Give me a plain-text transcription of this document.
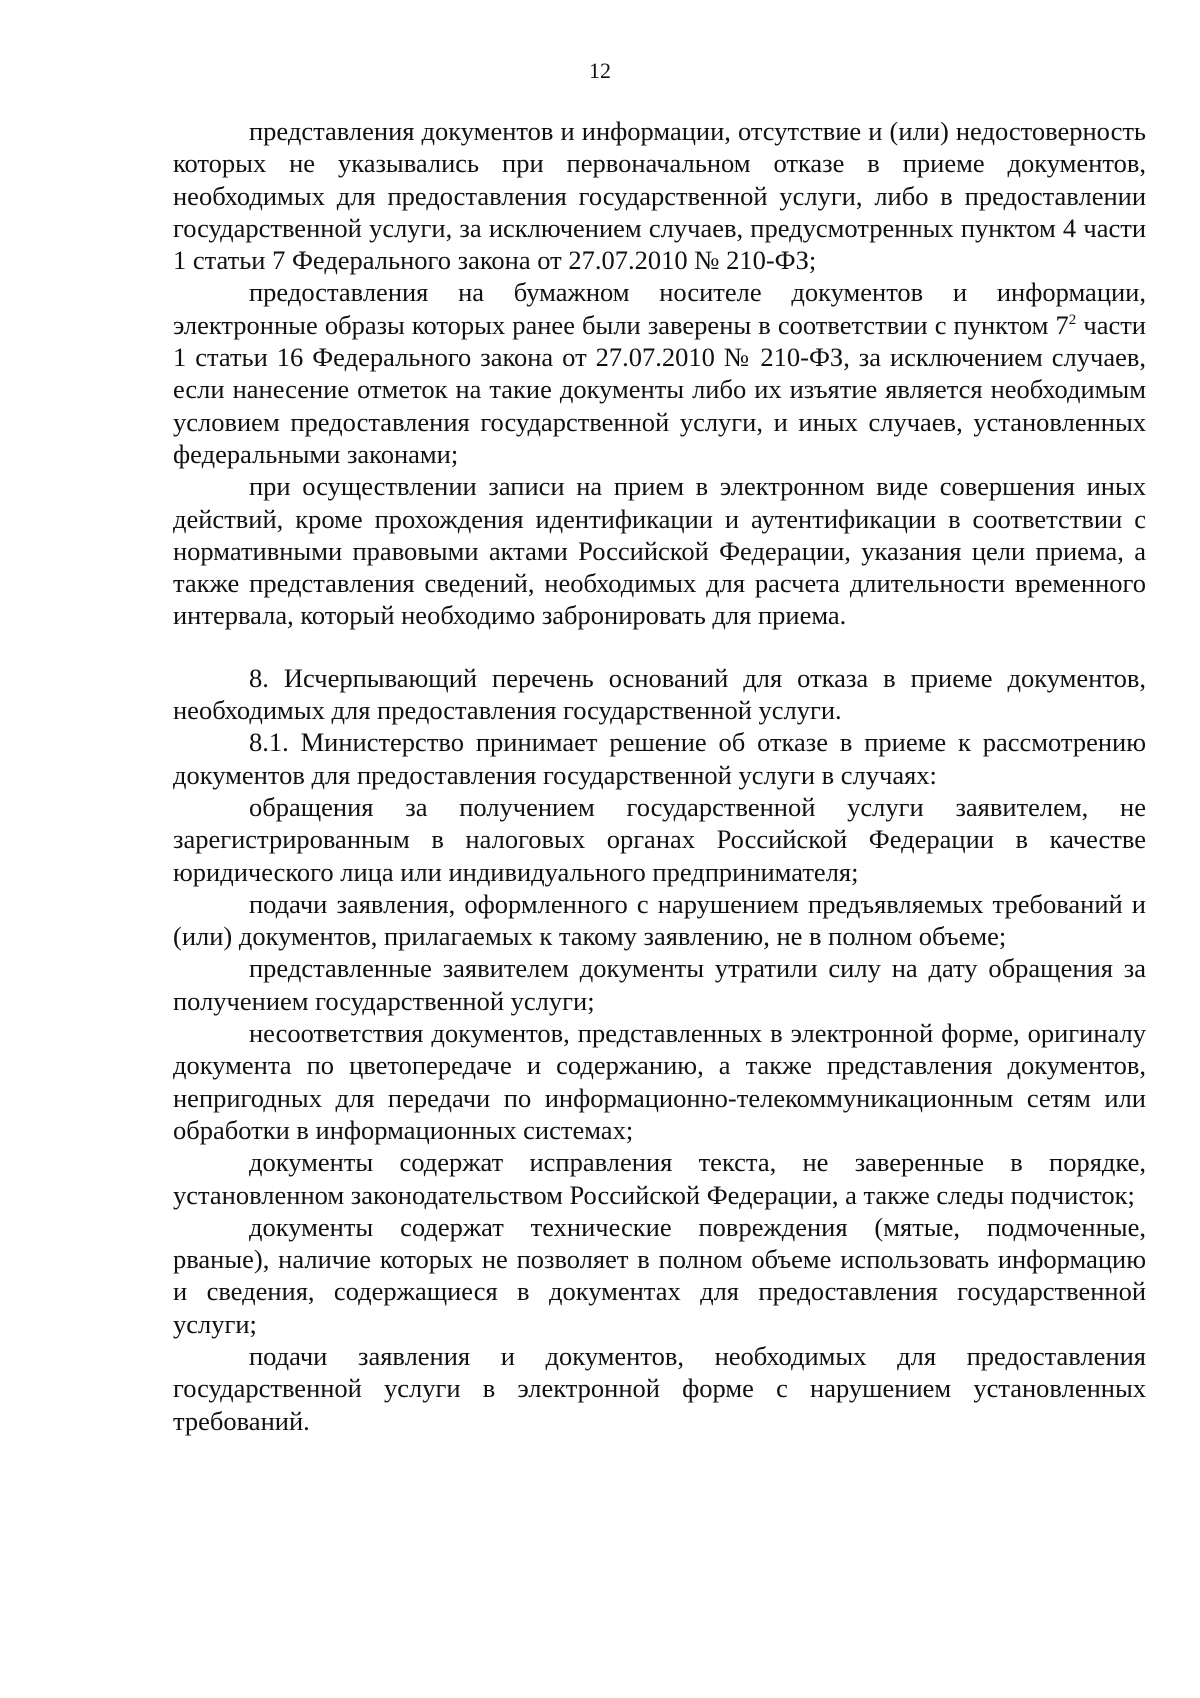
12

представления документов и информации, отсутствие и (или) недостоверность которых не указывались при первоначальном отказе в приеме документов, необходимых для предоставления государственной услуги, либо в предоставлении государственной услуги, за исключением случаев, предусмотренных пунктом 4 части 1 статьи 7 Федерального закона от 27.07.2010 № 210-ФЗ;

предоставления на бумажном носителе документов и информации, электронные образы которых ранее были заверены в соответствии с пунктом $7^2$ части 1 статьи 16 Федерального закона от 27.07.2010 № 210-ФЗ, за исключением случаев, если нанесение отметок на такие документы либо их изъятие является необходимым условием предоставления государственной услуги, и иных случаев, установленных федеральными законами;

при осуществлении записи на прием в электронном виде совершения иных действий, кроме прохождения идентификации и аутентификации в соответствии с нормативными правовыми актами Российской Федерации, указания цели приема, а также представления сведений, необходимых для расчета длительности временного интервала, который необходимо забронировать для приема.

8. Исчерпывающий перечень оснований для отказа в приеме документов, необходимых для предоставления государственной услуги.

8.1. Министерство принимает решение об отказе в приеме к рассмотрению документов для предоставления государственной услуги в случаях:

обращения за получением государственной услуги заявителем, не зарегистрированным в налоговых органах Российской Федерации в качестве юридического лица или индивидуального предпринимателя;

подачи заявления, оформленного с нарушением предъявляемых требований и (или) документов, прилагаемых к такому заявлению, не в полном объеме;

представленные заявителем документы утратили силу на дату обращения за получением государственной услуги;

несоответствия документов, представленных в электронной форме, оригиналу документа по цветопередаче и содержанию, а также представления документов, непригодных для передачи по информационно-телекоммуникационным сетям или обработки в информационных системах;

документы содержат исправления текста, не заверенные в порядке, установленном законодательством Российской Федерации, а также следы подчисток;

документы содержат технические повреждения (мятые, подмоченные, рваные), наличие которых не позволяет в полном объеме использовать информацию и сведения, содержащиеся в документах для предоставления государственной услуги;

подачи заявления и документов, необходимых для предоставления государственной услуги в электронной форме с нарушением установленных требований.
